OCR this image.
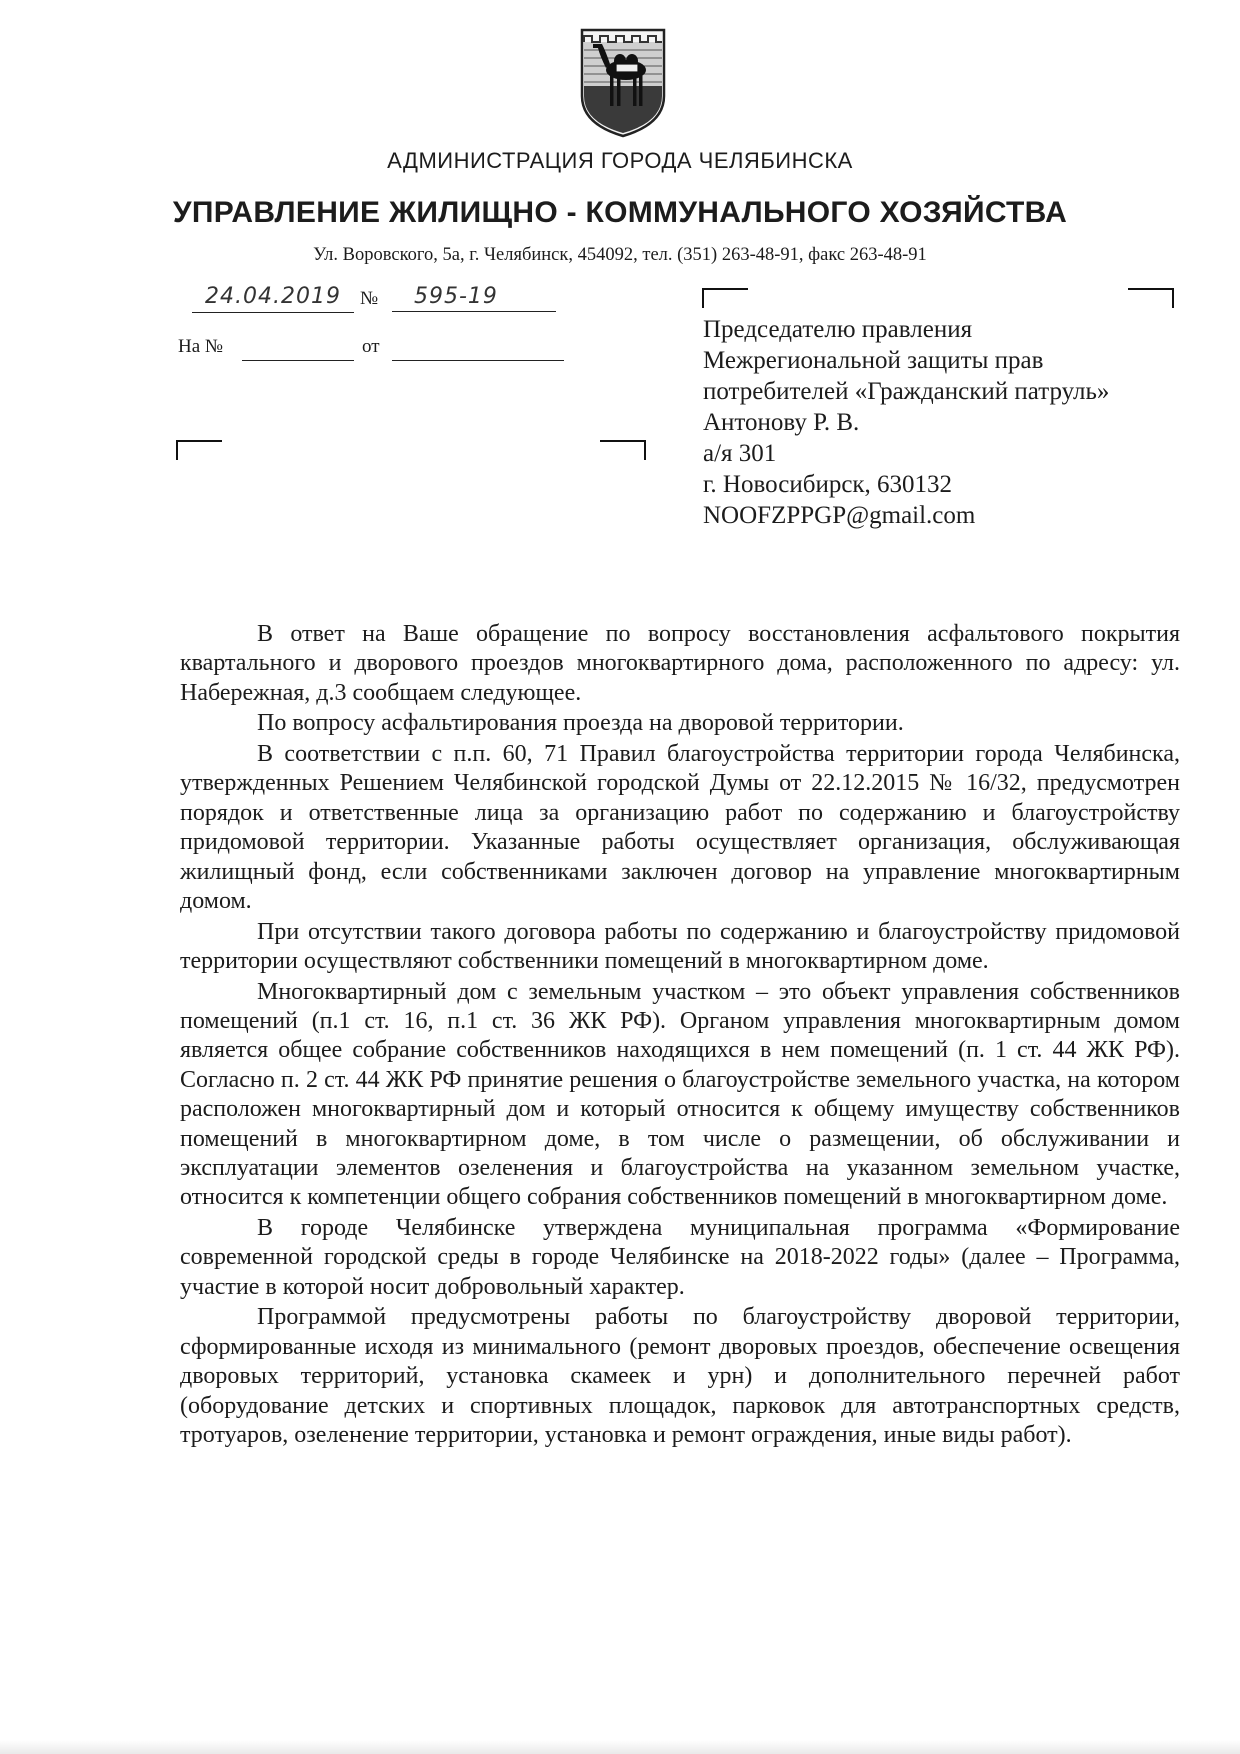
АДМИНИСТРАЦИЯ ГОРОДА ЧЕЛЯБИНСКА
УПРАВЛЕНИЕ ЖИЛИЩНО - КОММУНАЛЬНОГО ХОЗЯЙСТВА
Ул. Воровского, 5а, г. Челябинск, 454092, тел. (351) 263-48-91, факс 263-48-91
24.04.2019	№	595-19
На №	от
Председателю правления
Межрегиональной защиты прав
потребителей «Гражданский патруль»
Антонову Р. В.
а/я 301
г. Новосибирск, 630132
NOOFZPPGP@gmail.com

В ответ на Ваше обращение по вопросу восстановления асфальтового покрытия квартального и дворового проездов многоквартирного дома, расположенного по адресу: ул. Набережная, д.3 сообщаем следующее.

По вопросу асфальтирования проезда на дворовой территории.

В соответствии с п.п. 60, 71 Правил благоустройства территории города Челябинска, утвержденных Решением Челябинской городской Думы от 22.12.2015 № 16/32, предусмотрен порядок и ответственные лица за организацию работ по содержанию и благоустройству придомовой территории. Указанные работы осуществляет организация, обслуживающая жилищный фонд, если собственниками заключен договор на управление многоквартирным домом.

При отсутствии такого договора работы по содержанию и благоустройству придомовой территории осуществляют собственники помещений в многоквартирном доме.

Многоквартирный дом с земельным участком – это объект управления собственников помещений (п.1 ст. 16, п.1 ст. 36 ЖК РФ). Органом управления многоквартирным домом является общее собрание собственников находящихся в нем помещений (п. 1 ст. 44 ЖК РФ). Согласно п. 2 ст. 44 ЖК РФ принятие решения о благоустройстве земельного участка, на котором расположен многоквартирный дом и который относится к общему имуществу собственников помещений в многоквартирном доме, в том числе о размещении, об обслуживании и эксплуатации элементов озеленения и благоустройства на указанном земельном участке, относится к компетенции общего собрания собственников помещений в многоквартирном доме.

В городе Челябинске утверждена муниципальная программа «Формирование современной городской среды в городе Челябинске на 2018-2022 годы» (далее – Программа, участие в которой носит добровольный характер.

Программой предусмотрены работы по благоустройству дворовой территории, сформированные исходя из минимального (ремонт дворовых проездов, обеспечение освещения дворовых территорий, установка скамеек и урн) и дополнительного перечней работ (оборудование детских и спортивных площадок, парковок для автотранспортных средств, тротуаров, озеленение территории, установка и ремонт ограждения, иные виды работ).
